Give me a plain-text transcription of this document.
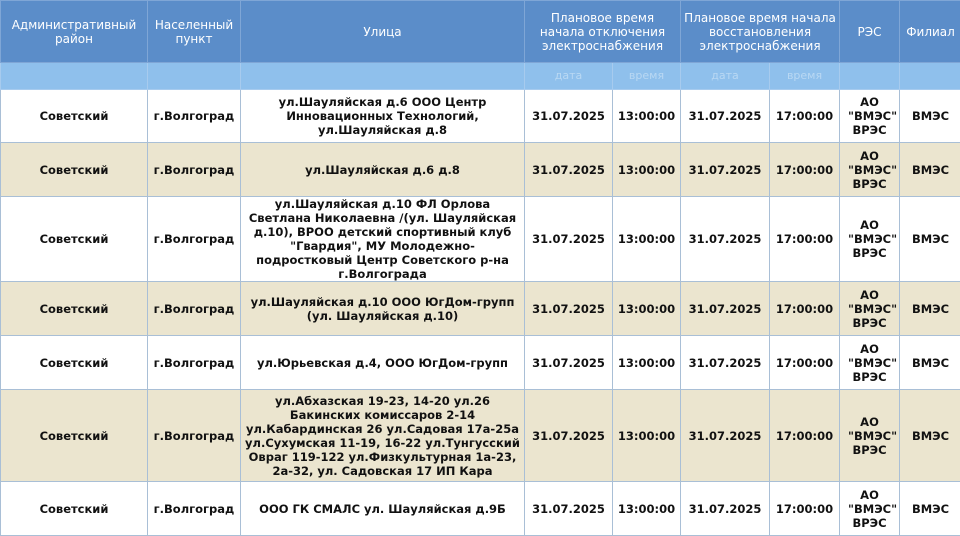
Административный район	Населенный пункт	Улица	Плановое время начала отключения электроснабжения		Плановое время начала восстановления электроснабжения		РЭС	Филиал
			дата	время	дата	время		
Советский	г.Волгоград	ул.Шауляйская д.6 ООО Центр Инновационных Технологий, ул.Шауляйская д.8	31.07.2025	13:00:00	31.07.2025	17:00:00	АО "ВМЭС" ВРЭС	ВМЭС
Советский	г.Волгоград	ул.Шауляйская д.6 д.8	31.07.2025	13:00:00	31.07.2025	17:00:00	АО "ВМЭС" ВРЭС	ВМЭС
Советский	г.Волгоград	ул.Шауляйская д.10 ФЛ Орлова Светлана Николаевна /(ул. Шауляйская д.10), ВРОО детский спортивный клуб "Гвардия", МУ Молодежно-подростковый Центр Советского р-на г.Волгограда	31.07.2025	13:00:00	31.07.2025	17:00:00	АО "ВМЭС" ВРЭС	ВМЭС
Советский	г.Волгоград	ул.Шауляйская д.10 ООО ЮгДом-групп (ул. Шауляйская д.10)	31.07.2025	13:00:00	31.07.2025	17:00:00	АО "ВМЭС" ВРЭС	ВМЭС
Советский	г.Волгоград	ул.Юрьевская д.4, ООО ЮгДом-групп	31.07.2025	13:00:00	31.07.2025	17:00:00	АО "ВМЭС" ВРЭС	ВМЭС
Советский	г.Волгоград	ул.Абхазская 19-23, 14-20 ул.26 Бакинских комиссаров 2-14 ул.Кабардинская 26 ул.Садовая 17а-25а ул.Сухумская 11-19, 16-22 ул.Тунгусский Овраг 119-122 ул.Физкультурная 1а-23, 2а-32, ул. Садовская 17 ИП Кара	31.07.2025	13:00:00	31.07.2025	17:00:00	АО "ВМЭС" ВРЭС	ВМЭС
Советский	г.Волгоград	ООО ГК СМАЛС ул. Шауляйская д.9Б	31.07.2025	13:00:00	31.07.2025	17:00:00	АО "ВМЭС" ВРЭС	ВМЭС
